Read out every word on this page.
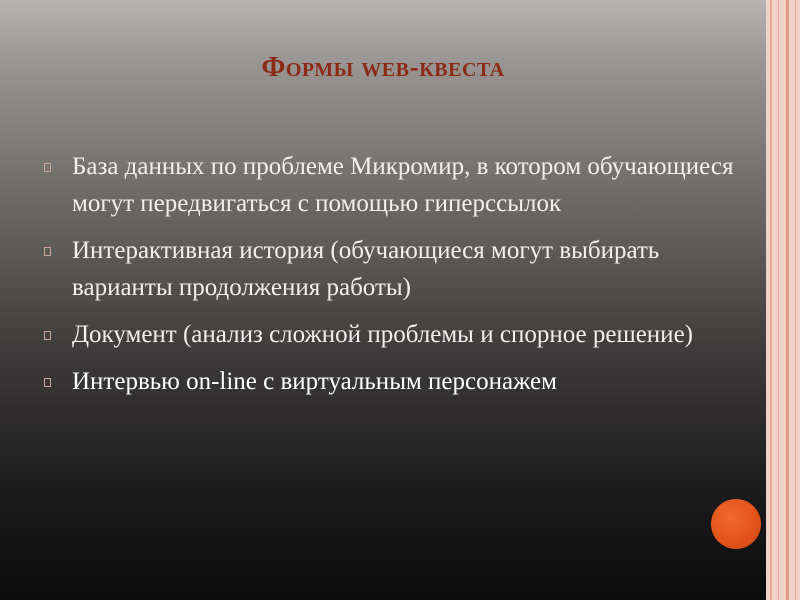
Формы web-квеста
База данных по проблеме Микромир, в котором обучающиеся могут передвигаться с помощью гиперссылок
Интерактивная история (обучающиеся могут выбирать варианты продолжения работы)
Документ (анализ сложной проблемы и спорное решение)
Интервью on-line с виртуальным персонажем
